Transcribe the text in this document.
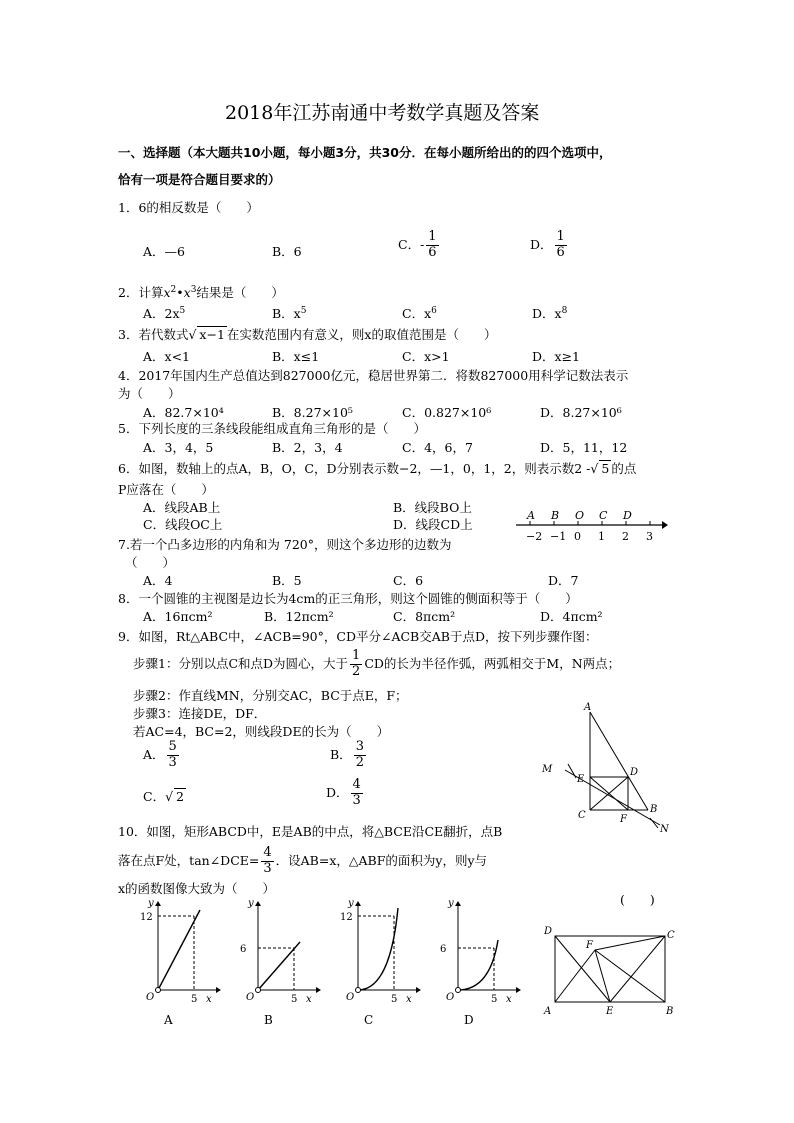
2018年江苏南通中考数学真题及答案
一、选择题（本大题共10小题，每小题3分，共30分．在每小题所给出的的四个选项中，
恰有一项是符合题目要求的）
1．6的相反数是（　　）
A．—6	B．6	C．- $\frac{1}{6}$	D． $\frac{1}{6}$
2．计算$x^2•x^3$结果是（　　）
A．$2x^5$	B．$x^5$	C．$x^6$	D．$x^8$
3．若代数式√ x−1 在实数范围内有意义，则x的取值范围是（　　）
A．x<1	B．x≤1	C．x>1	D．x≥1
4．2017年国内生产总值达到827000亿元，稳居世界第二．将数827000用科学记数法表示
为（　　）
A．82.7×10⁴	B．8.27×10⁵	C．0.827×10⁶	D．8.27×10⁶
5．下列长度的三条线段能组成直角三角形的是（　　）
A．3，4，5	B．2，3，4	C．4，6，7	D．5，11，12
6．如图，数轴上的点A，B，O，C，D分别表示数−2，—1，0，1，2，则表示数2 -√ 5 的点
P应落在（　　）
A．线段AB上	B．线段BO上
C．线段OC上	D．线段CD上
−2 −1 0 1 2 3
A B O C D
7.若一个凸多边形的内角和为 720°，则这个多边形的边数为
（　　）
A．4	B．5	C．6	D．7
8．一个圆锥的主视图是边长为4cm的正三角形，则这个圆锥的侧面积等于（　　）
A．16πcm²	B．12πcm²	C．8πcm²	D．4πcm²
9．如图，Rt△ABC中，∠ACB=90°，CD平分∠ACB交AB于点D，按下列步骤作图：
步骤1：分别以点C和点D为圆心，大于 $\frac{1}{2}$ CD的长为半径作弧，两弧相交于M，N两点；
步骤2：作直线MN，分别交AC，BC于点E，F；
步骤3：连接DE，DF．
若AC=4，BC=2，则线段DE的长为（　　）
A． $\frac{5}{3}$	B． $\frac{3}{2}$
C．√ 2	D． $\frac{4}{3}$
A
M
E
D
C	F
B
N
10．如图，矩形ABCD中，E是AB的中点，将△BCE沿CE翻折，点B
落在点F处，tan∠DCE= $\frac{4}{3}$ ．设AB=x，△ABF的面积为y，则y与
x的函数图像大致为（　　）
(　　)
12
5 x
y
O
A
6
5 x
y
O
B
12
5 x
y
O
C
6
5 x
y
O
D
D	C
F
A	E	B
